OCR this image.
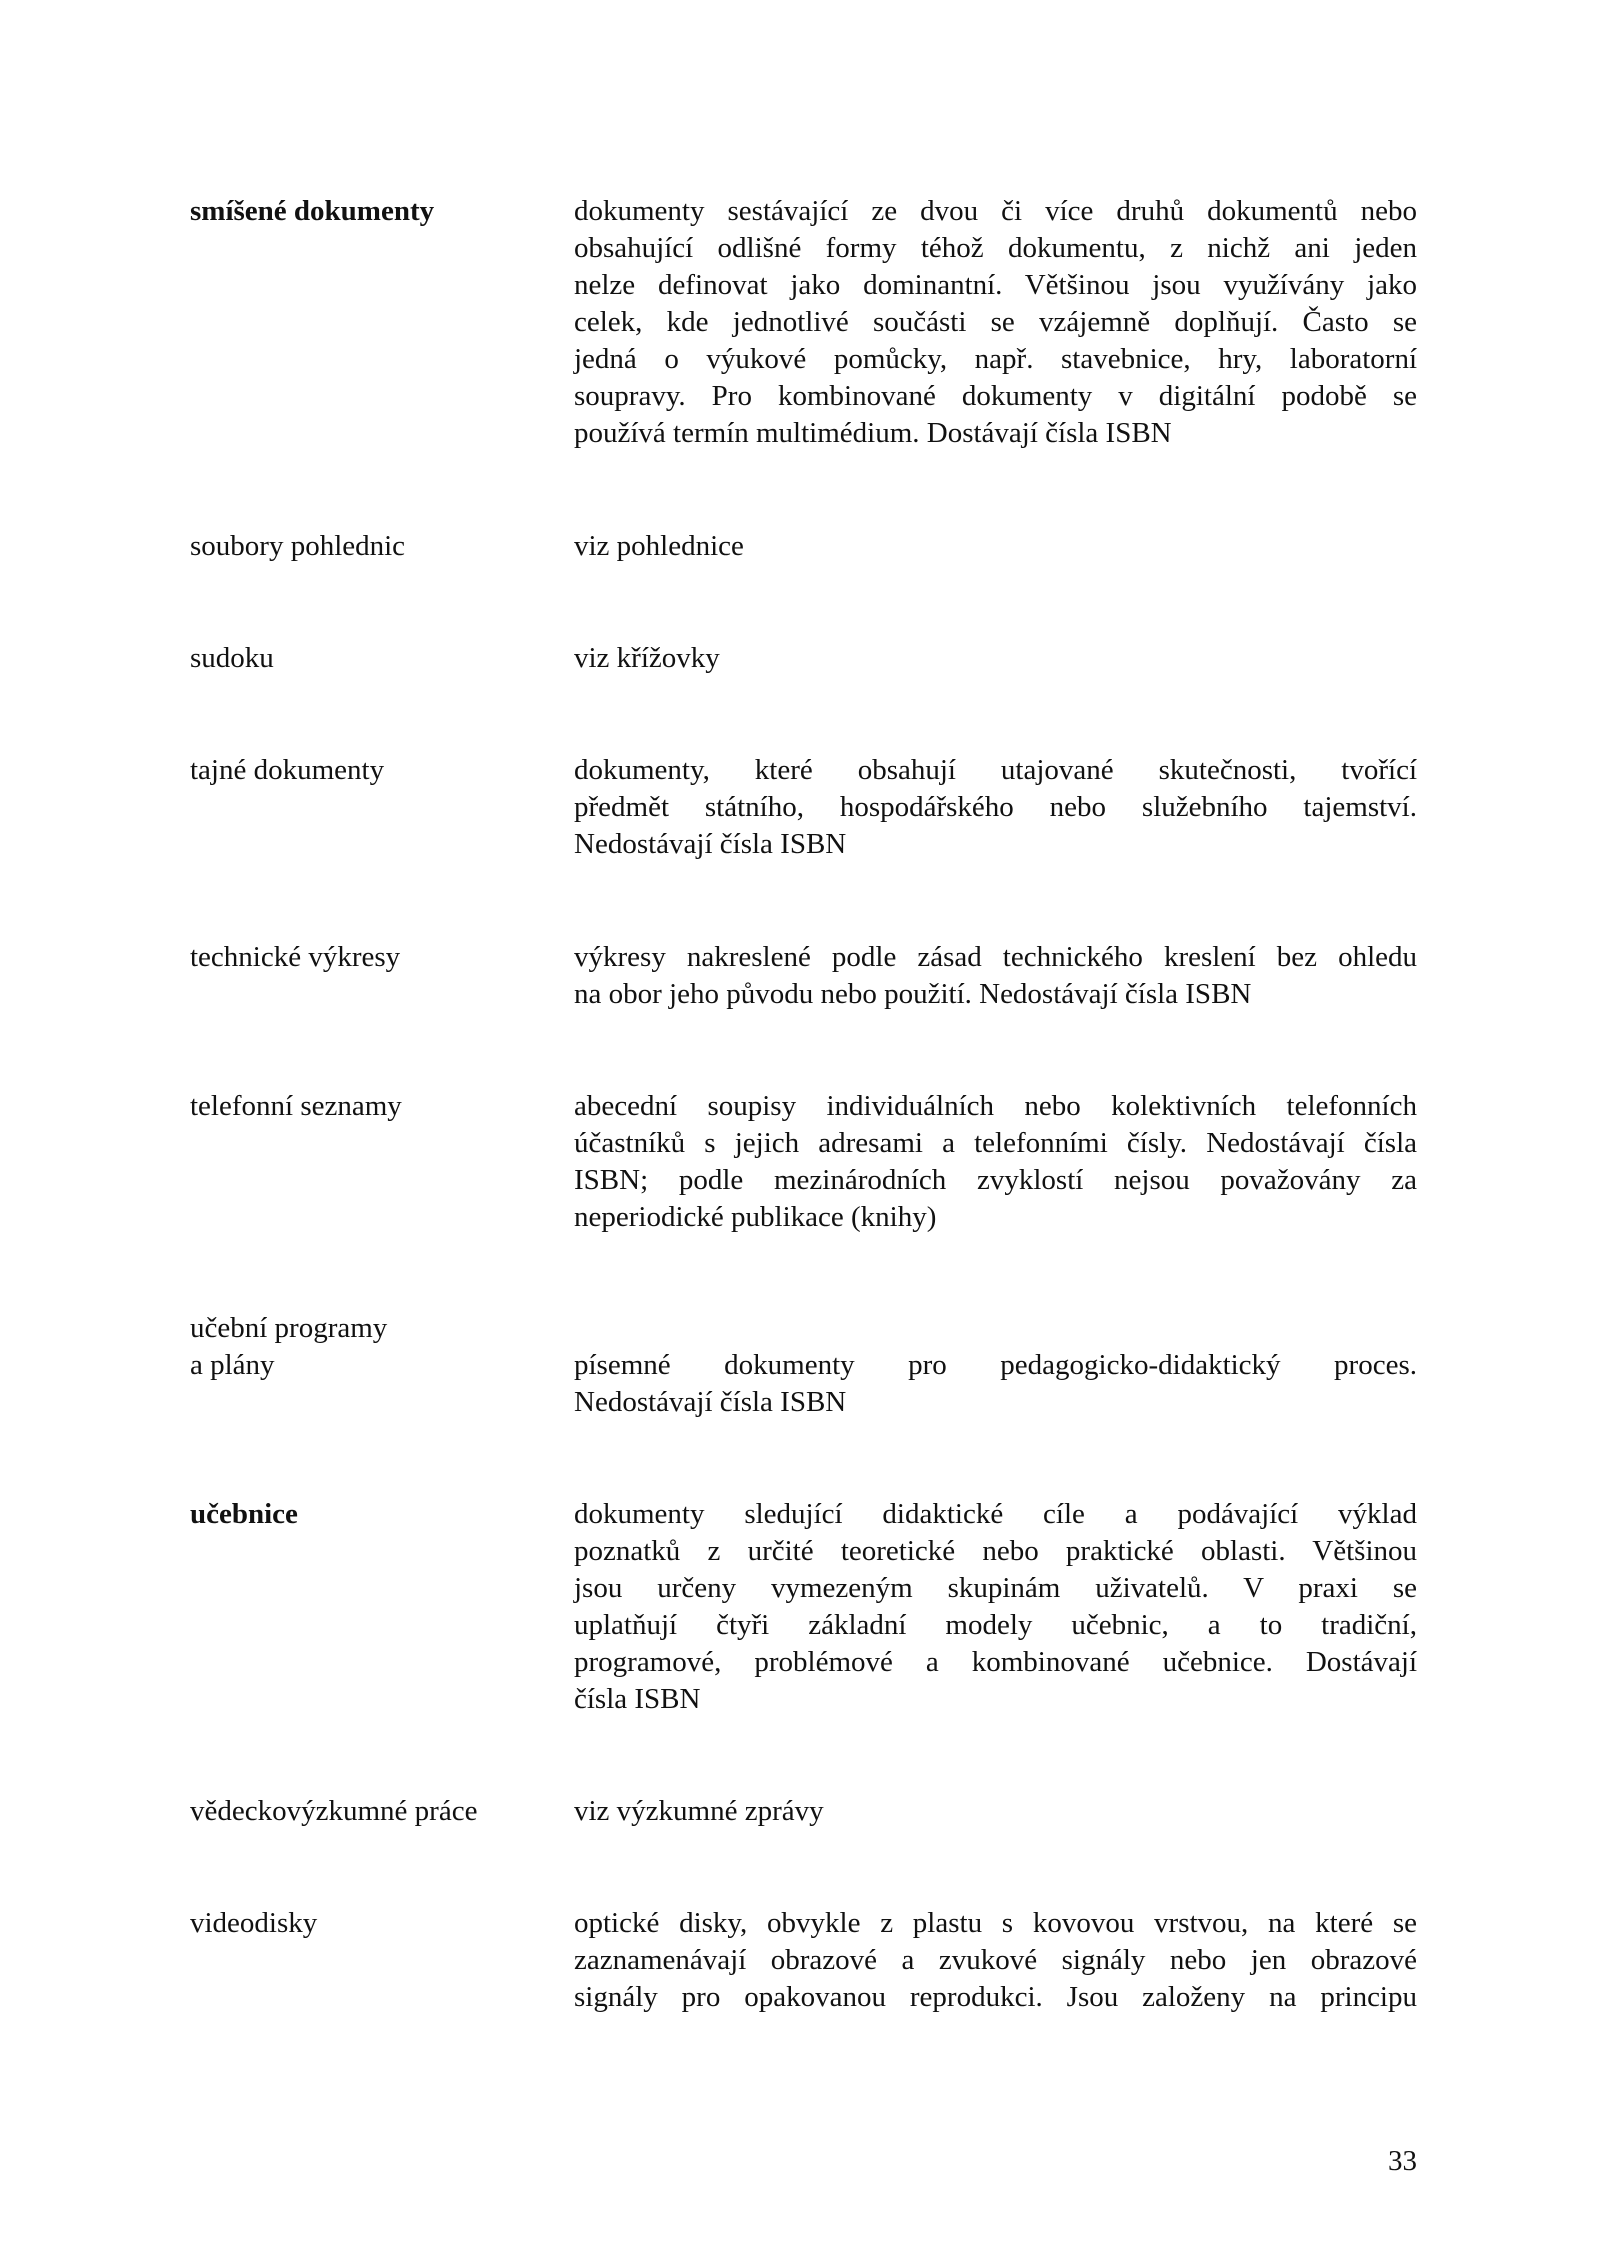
smíšené dokumenty	dokumenty sestávající ze dvou či více druhů dokumentů nebo
obsahující odlišné formy téhož dokumentu, z nichž ani jeden
nelze definovat jako dominantní. Většinou jsou využívány jako
celek, kde jednotlivé součásti se vzájemně doplňují. Často se
jedná o výukové pomůcky, např. stavebnice, hry, laboratorní
soupravy. Pro kombinované dokumenty v digitální podobě se
používá termín multimédium. Dostávají čísla ISBN
soubory pohlednic	viz pohlednice
sudoku	viz křížovky
tajné dokumenty	dokumenty, které obsahují utajované skutečnosti, tvořící
předmět státního, hospodářského nebo služebního tajemství.
Nedostávají čísla ISBN
technické výkresy	výkresy nakreslené podle zásad technického kreslení bez ohledu
na obor jeho původu nebo použití. Nedostávají čísla ISBN
telefonní seznamy	abecední soupisy individuálních nebo kolektivních telefonních
účastníků s jejich adresami a telefonními čísly. Nedostávají čísla
ISBN; podle mezinárodních zvyklostí nejsou považovány za
neperiodické publikace (knihy)
učební programy
a plány	písemné dokumenty pro pedagogicko-didaktický proces.
Nedostávají čísla ISBN
učebnice	dokumenty sledující didaktické cíle a podávající výklad
poznatků z určité teoretické nebo praktické oblasti. Většinou
jsou určeny vymezeným skupinám uživatelů. V praxi se
uplatňují čtyři základní modely učebnic, a to tradiční,
programové, problémové a kombinované učebnice. Dostávají
čísla ISBN
vědeckovýzkumné práce	viz výzkumné zprávy
videodisky	optické disky, obvykle z plastu s kovovou vrstvou, na které se
zaznamenávají obrazové a zvukové signály nebo jen obrazové
signály pro opakovanou reprodukci. Jsou založeny na principu
33
